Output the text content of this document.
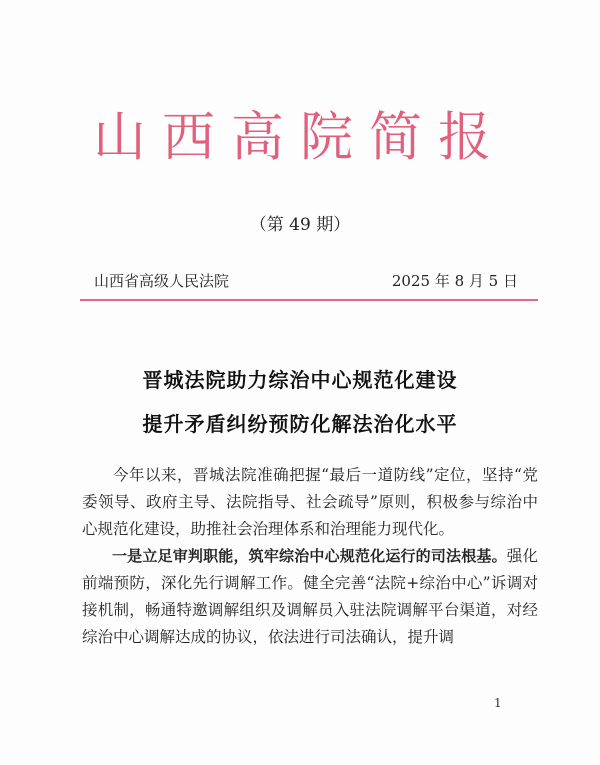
山西高院简报
（第 49 期）
山西省高级人民法院	2025 年 8 月 5 日
晋城法院助力综治中心规范化建设
提升矛盾纠纷预防化解法治化水平

今年以来，晋城法院准确把握“最后一道防线”定位，坚持“党委领导、政府主导、法院指导、社会疏导”原则，积极参与综治中心规范化建设，助推社会治理体系和治理能力现代化。

一是立足审判职能，筑牢综治中心规范化运行的司法根基。强化前端预防，深化先行调解工作。健全完善“法院+综治中心”诉调对接机制，畅通特邀调解组织及调解员入驻法院调解平台渠道，对经综治中心调解达成的协议，依法进行司法确认，提升调

1
